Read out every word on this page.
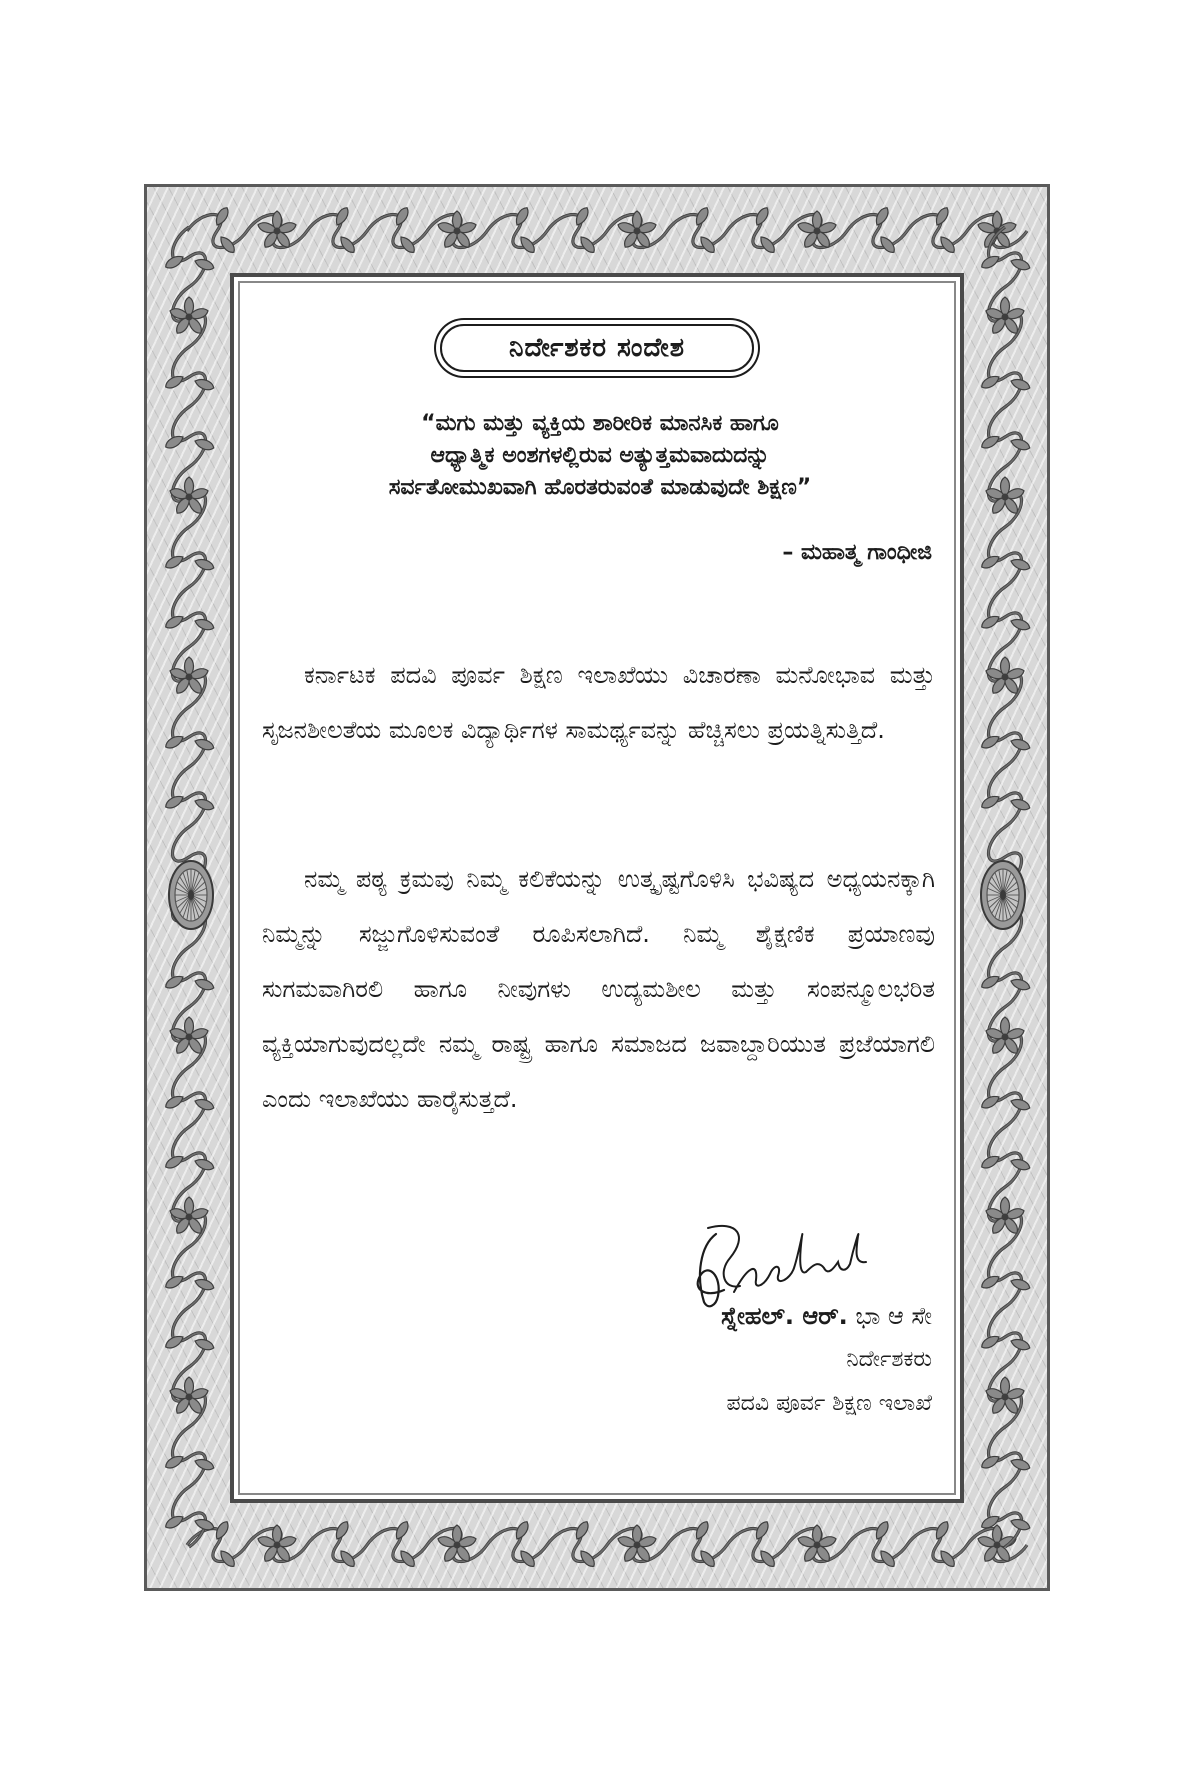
ನಿರ್ದೇಶಕರ ಸಂದೇಶ
“ಮಗು ಮತ್ತು ವ್ಯಕ್ತಿಯ ಶಾರೀರಿಕ ಮಾನಸಿಕ ಹಾಗೂ
ಆಧ್ಯಾತ್ಮಿಕ ಅಂಶಗಳಲ್ಲಿರುವ ಅತ್ಯುತ್ತಮವಾದುದನ್ನು
ಸರ್ವತೋಮುಖವಾಗಿ ಹೊರತರುವಂತೆ ಮಾಡುವುದೇ ಶಿಕ್ಷಣ”
– ಮಹಾತ್ಮ ಗಾಂಧೀಜಿ
ಕರ್ನಾಟಕ ಪದವಿ ಪೂರ್ವ ಶಿಕ್ಷಣ ಇಲಾಖೆಯು ವಿಚಾರಣಾ ಮನೋಭಾವ ಮತ್ತು ಸೃಜನಶೀಲತೆಯ ಮೂಲಕ ವಿದ್ಯಾರ್ಥಿಗಳ ಸಾಮರ್ಥ್ಯವನ್ನು ಹೆಚ್ಚಿಸಲು ಪ್ರಯತ್ನಿಸುತ್ತಿದೆ.
ನಮ್ಮ ಪಠ್ಯ ಕ್ರಮವು ನಿಮ್ಮ ಕಲಿಕೆಯನ್ನು ಉತ್ಕೃಷ್ಟಗೊಳಿಸಿ ಭವಿಷ್ಯದ ಅಧ್ಯಯನಕ್ಕಾಗಿ ನಿಮ್ಮನ್ನು ಸಜ್ಜುಗೊಳಿಸುವಂತೆ ರೂಪಿಸಲಾಗಿದೆ. ನಿಮ್ಮ ಶೈಕ್ಷಣಿಕ ಪ್ರಯಾಣವು ಸುಗಮವಾಗಿರಲಿ ಹಾಗೂ ನೀವುಗಳು ಉದ್ಯಮಶೀಲ ಮತ್ತು ಸಂಪನ್ಮೂಲಭರಿತ ವ್ಯಕ್ತಿಯಾಗುವುದಲ್ಲದೇ ನಮ್ಮ ರಾಷ್ಟ್ರ ಹಾಗೂ ಸಮಾಜದ ಜವಾಬ್ದಾರಿಯುತ ಪ್ರಜೆಯಾಗಲಿ ಎಂದು ಇಲಾಖೆಯು ಹಾರೈಸುತ್ತದೆ.
Snehal
ಸ್ನೇಹಲ್. ಆರ್. ಭಾ ಆ ಸೇ
ನಿರ್ದೇಶಕರು
ಪದವಿ ಪೂರ್ವ ಶಿಕ್ಷಣ ಇಲಾಖೆ
